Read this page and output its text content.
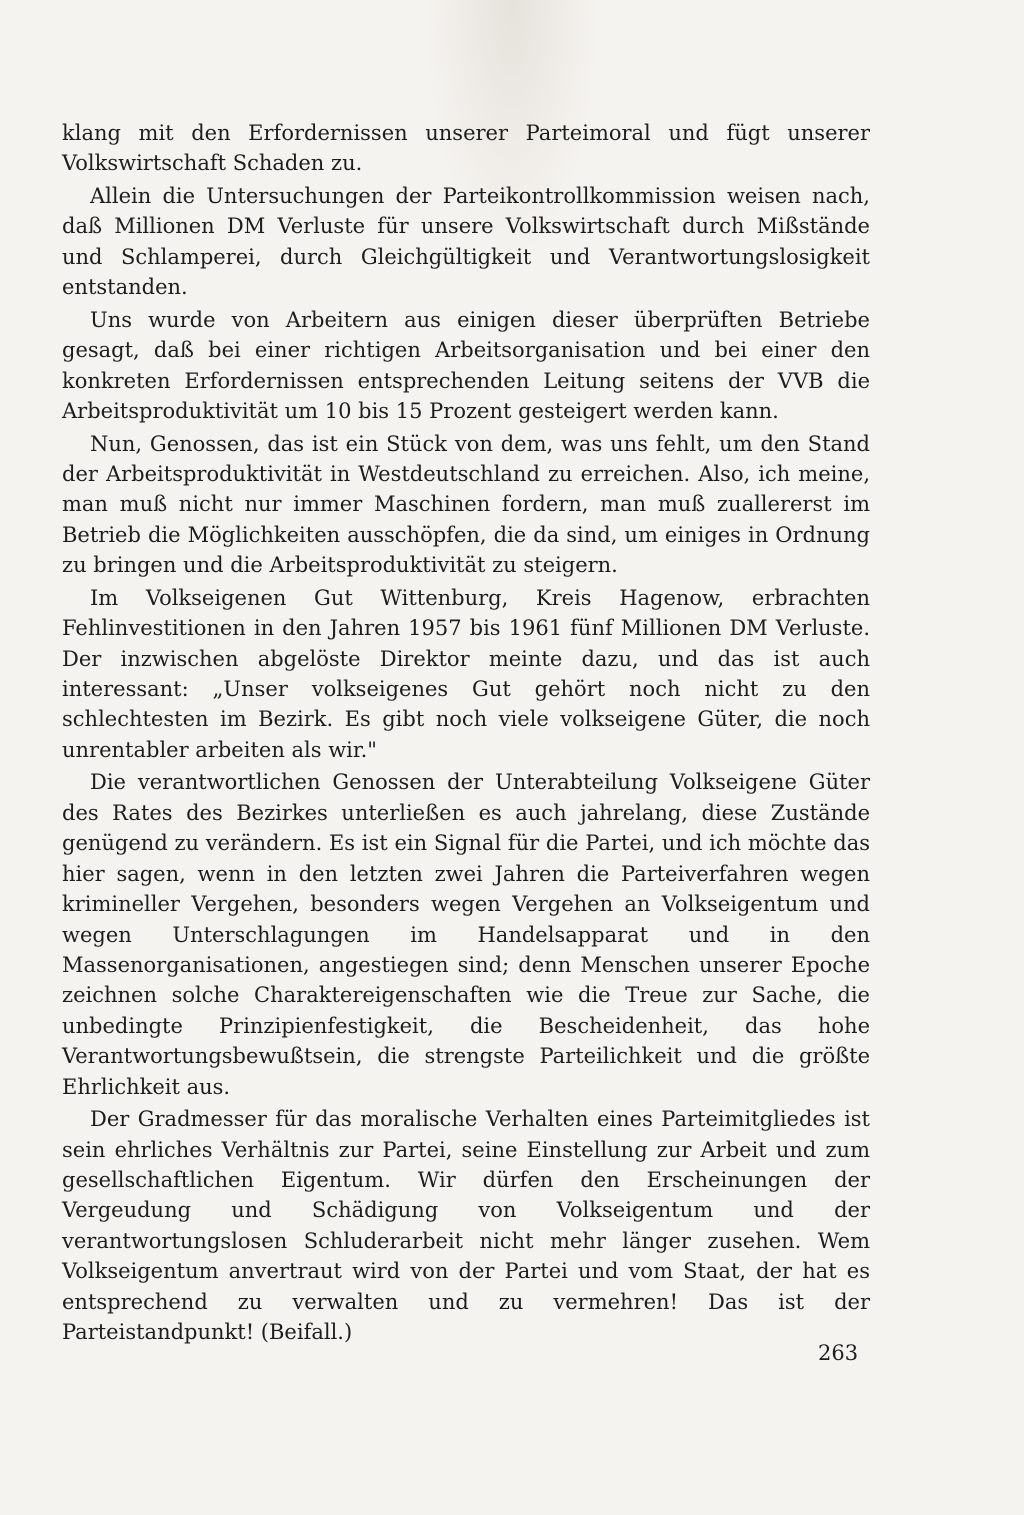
klang mit den Erfordernissen unserer Parteimoral und fügt unserer Volkswirtschaft Schaden zu.

Allein die Untersuchungen der Parteikontrollkommission weisen nach, daß Millionen DM Verluste für unsere Volkswirtschaft durch Mißstände und Schlamperei, durch Gleichgültigkeit und Verantwortungslosigkeit entstanden.

Uns wurde von Arbeitern aus einigen dieser überprüften Betriebe gesagt, daß bei einer richtigen Arbeitsorganisation und bei einer den konkreten Erfordernissen entsprechenden Leitung seitens der VVB die Arbeitsproduktivität um 10 bis 15 Prozent gesteigert werden kann.

Nun, Genossen, das ist ein Stück von dem, was uns fehlt, um den Stand der Arbeitsproduktivität in Westdeutschland zu erreichen. Also, ich meine, man muß nicht nur immer Maschinen fordern, man muß zuallererst im Betrieb die Möglichkeiten ausschöpfen, die da sind, um einiges in Ordnung zu bringen und die Arbeitsproduktivität zu steigern.

Im Volkseigenen Gut Wittenburg, Kreis Hagenow, erbrachten Fehlinvestitionen in den Jahren 1957 bis 1961 fünf Millionen DM Verluste. Der inzwischen abgelöste Direktor meinte dazu, und das ist auch interessant: „Unser volkseigenes Gut gehört noch nicht zu den schlechtesten im Bezirk. Es gibt noch viele volkseigene Güter, die noch unrentabler arbeiten als wir."

Die verantwortlichen Genossen der Unterabteilung Volkseigene Güter des Rates des Bezirkes unterließen es auch jahrelang, diese Zustände genügend zu verändern. Es ist ein Signal für die Partei, und ich möchte das hier sagen, wenn in den letzten zwei Jahren die Parteiverfahren wegen krimineller Vergehen, besonders wegen Vergehen an Volkseigentum und wegen Unterschlagungen im Handelsapparat und in den Massenorganisationen, angestiegen sind; denn Menschen unserer Epoche zeichnen solche Charaktereigenschaften wie die Treue zur Sache, die unbedingte Prinzipienfestigkeit, die Bescheidenheit, das hohe Verantwortungsbewußtsein, die strengste Parteilichkeit und die größte Ehrlichkeit aus.

Der Gradmesser für das moralische Verhalten eines Parteimitgliedes ist sein ehrliches Verhältnis zur Partei, seine Einstellung zur Arbeit und zum gesellschaftlichen Eigentum. Wir dürfen den Erscheinungen der Vergeudung und Schädigung von Volkseigentum und der verantwortungslosen Schluderarbeit nicht mehr länger zusehen. Wem Volkseigentum anvertraut wird von der Partei und vom Staat, der hat es entsprechend zu verwalten und zu vermehren! Das ist der Parteistandpunkt! (Beifall.)

263
